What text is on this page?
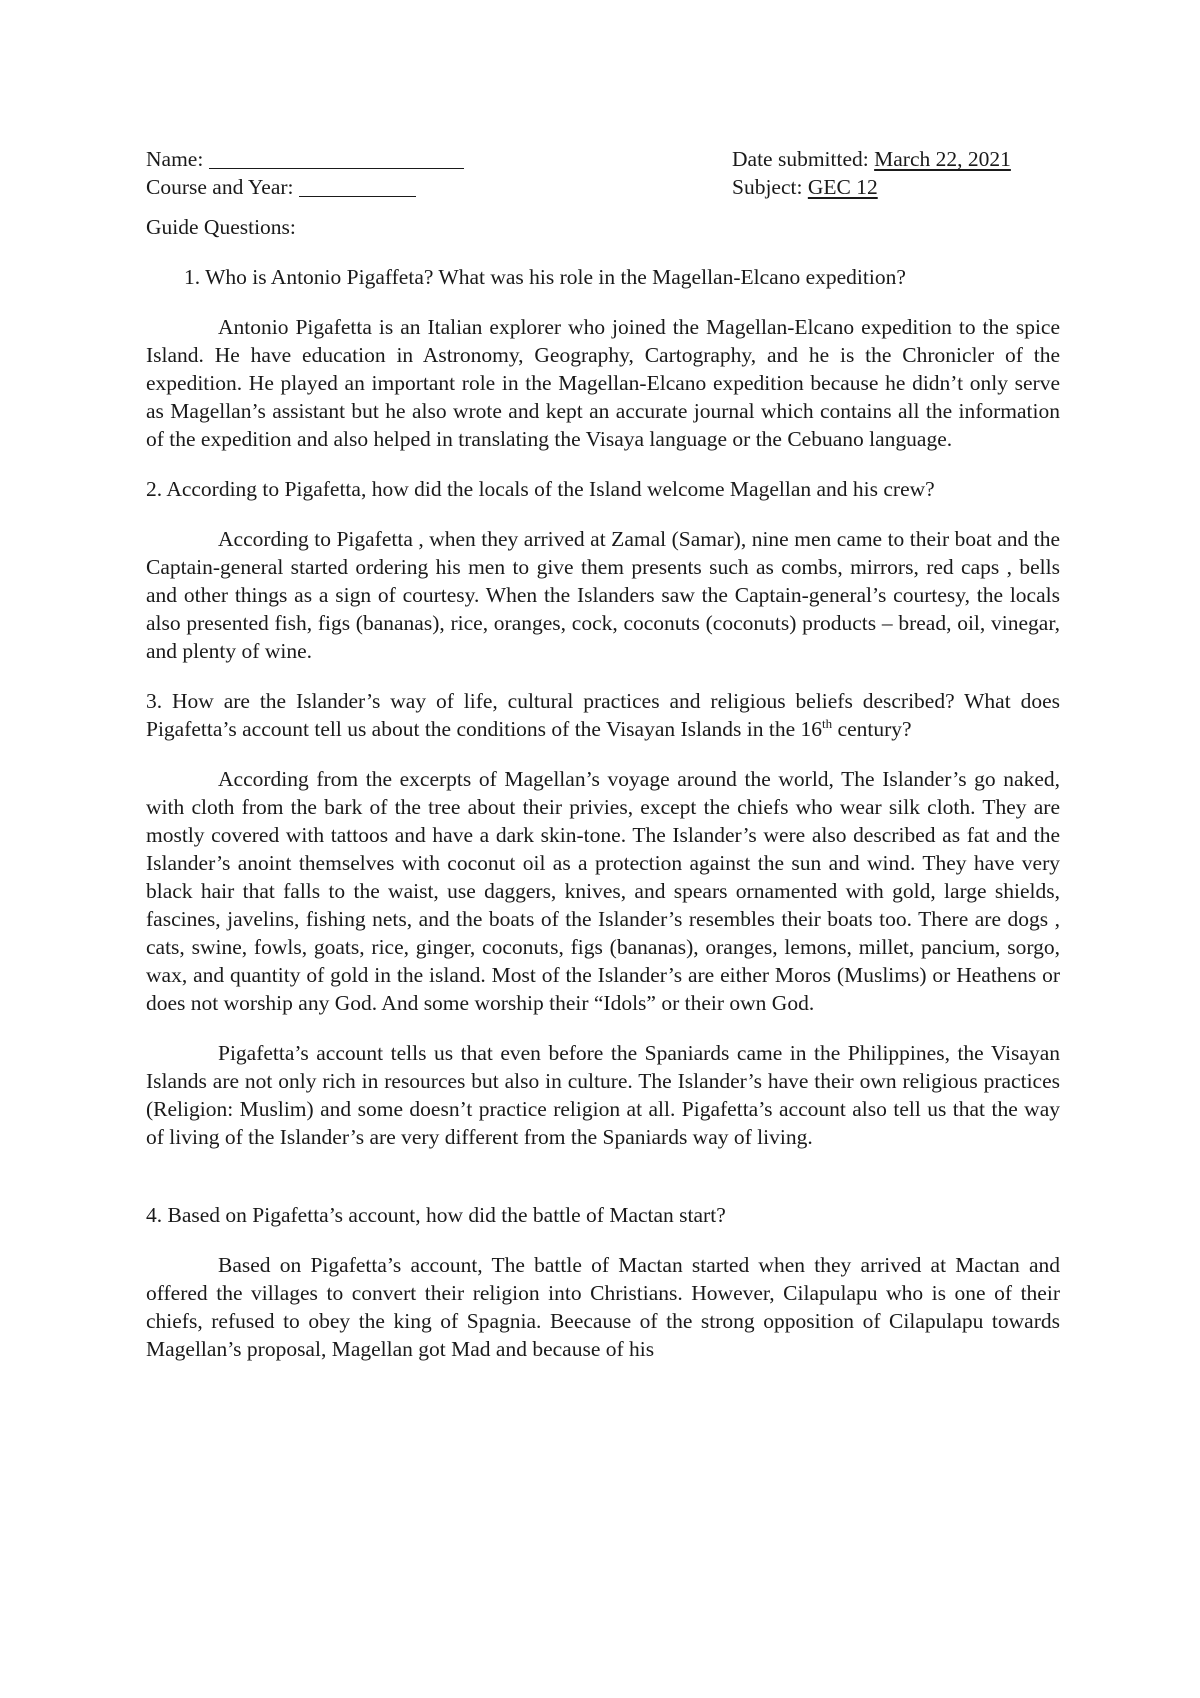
Name:
Course and Year:
Date submitted: March 22, 2021
Subject: GEC 12
Guide Questions:
1. Who is Antonio Pigaffeta? What was his role in the Magellan-Elcano expedition?
Antonio Pigafetta is an Italian explorer who joined the Magellan-Elcano expedition to the spice Island. He have education in Astronomy, Geography, Cartography, and he is the Chronicler of the expedition. He played an important role in the Magellan-Elcano expedition because he didn’t only serve as Magellan’s assistant but he also wrote and kept an accurate journal which contains all the information of the expedition and also helped in translating the Visaya language or the Cebuano language.
2. According to Pigafetta, how did the locals of the Island welcome Magellan and his crew?
According to Pigafetta , when they arrived at Zamal (Samar), nine men came to their boat and the Captain-general started ordering his men to give them presents such as combs, mirrors, red caps , bells and other things as a sign of courtesy. When the Islanders saw the Captain-general’s courtesy, the locals also presented fish, figs (bananas), rice, oranges, cock, coconuts (coconuts) products – bread, oil, vinegar, and plenty of wine.
3. How are the Islander’s way of life, cultural practices and religious beliefs described? What does Pigafetta’s account tell us about the conditions of the Visayan Islands in the 16th century?
According from the excerpts of Magellan’s voyage around the world, The Islander’s go naked, with cloth from the bark of the tree about their privies, except the chiefs who wear silk cloth. They are mostly covered with tattoos and have a dark skin-tone. The Islander’s were also described as fat and the Islander’s anoint themselves with coconut oil as a protection against the sun and wind. They have very black hair that falls to the waist, use daggers, knives, and spears ornamented with gold, large shields, fascines, javelins, fishing nets, and the boats of the Islander’s resembles their boats too. There are dogs , cats, swine, fowls, goats, rice, ginger, coconuts, figs (bananas), oranges, lemons, millet, pancium, sorgo, wax, and quantity of gold in the island. Most of the Islander’s are either Moros (Muslims) or Heathens or does not worship any God. And some worship their “Idols” or their own God.
Pigafetta’s account tells us that even before the Spaniards came in the Philippines, the Visayan Islands are not only rich in resources but also in culture. The Islander’s have their own religious practices (Religion: Muslim) and some doesn’t practice religion at all. Pigafetta’s account also tell us that the way of living of the Islander’s are very different from the Spaniards way of living.
4. Based on Pigafetta’s account, how did the battle of Mactan start?
Based on Pigafetta’s account, The battle of Mactan started when they arrived at Mactan and offered the villages to convert their religion into Christians. However, Cilapulapu who is one of their chiefs, refused to obey the king of Spagnia. Beecause of the strong opposition of Cilapulapu towards Magellan’s proposal, Magellan got Mad and because of his
